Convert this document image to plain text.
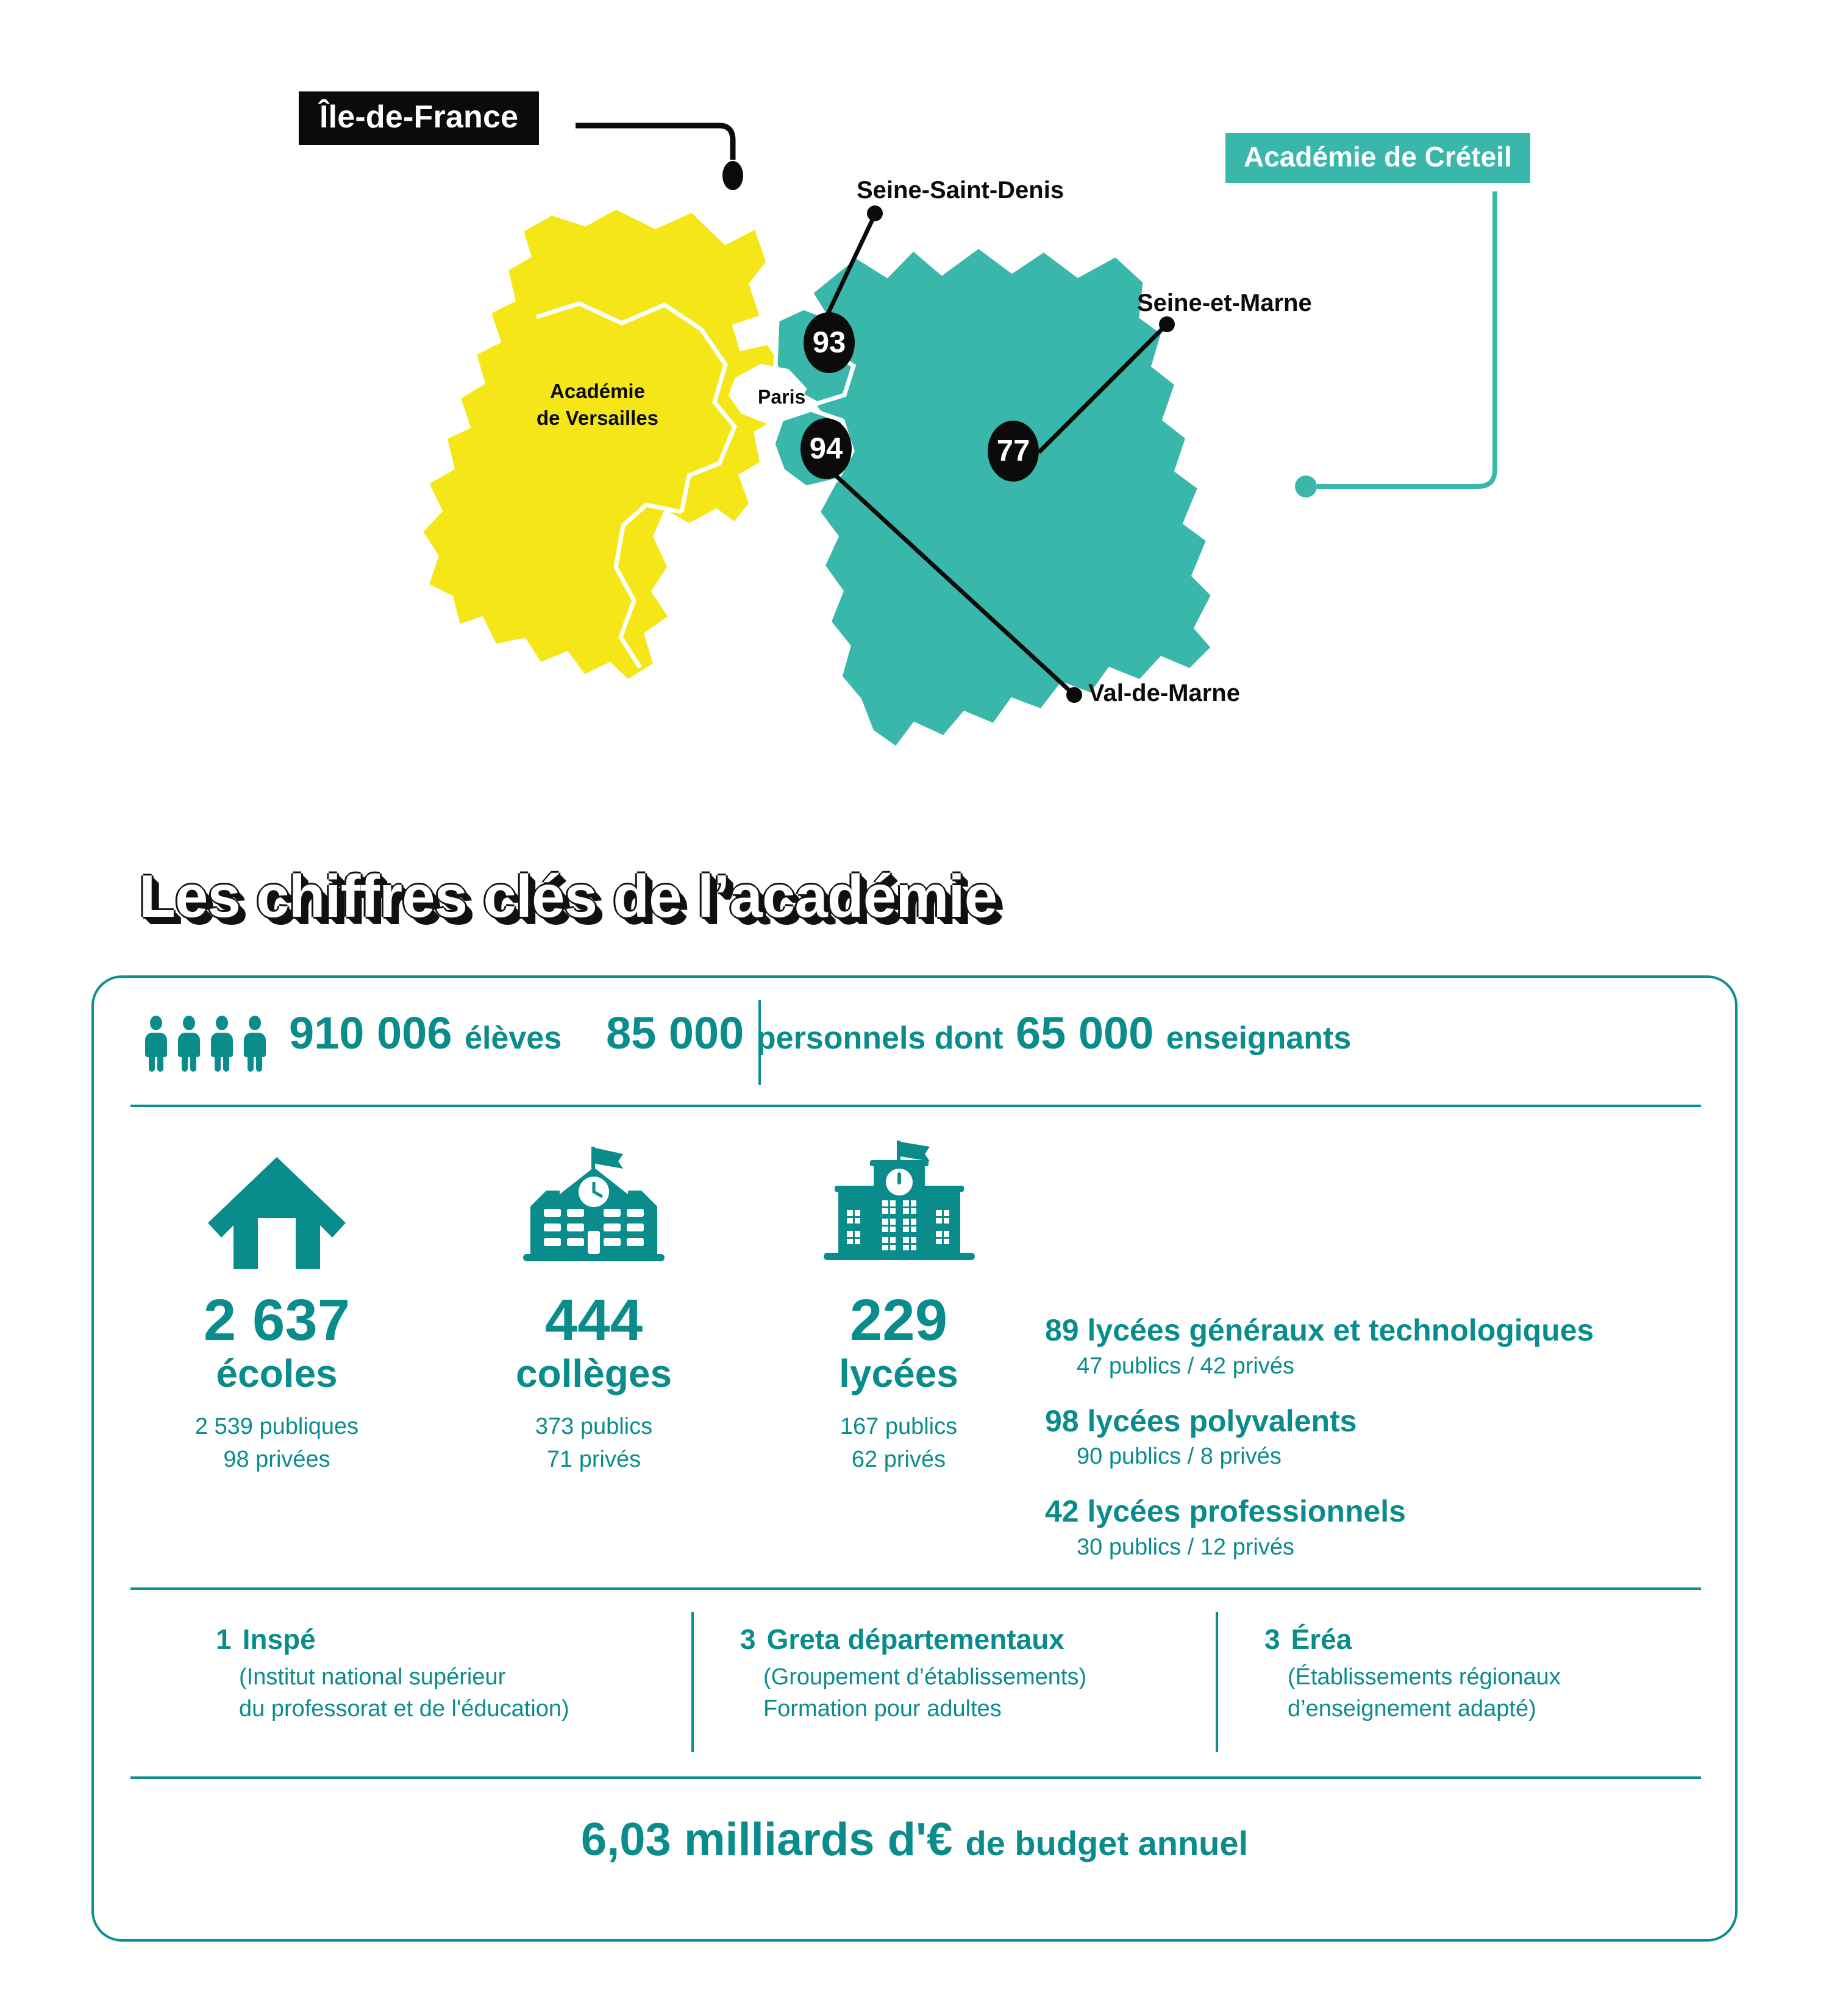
Île-de-France
Académie de Créteil
Seine-Saint-Denis
Seine-et-Marne
Val-de-Marne
Paris
Académie
de Versailles
93
94	77
Les chiffres clés de l’académie
910 006 élèves 85 000 personnels dont 65 000 enseignants
2 637
écoles
2 539 publiques
98 privées
444
collèges
373 publics
71 privés
229
lycées
167 publics
62 privés
89 lycées généraux et technologiques
47 publics / 42 privés
98 lycées polyvalents
90 publics / 8 privés
42 lycées professionnels
30 publics / 12 privés
1 Inspé
(Institut national supérieur
du professorat et de l'éducation)
3 Greta départementaux
(Groupement d’établissements)
Formation pour adultes
3 Éréa
(Établissements régionaux
d’enseignement adapté)
6,03 milliards d'€ de budget annuel
